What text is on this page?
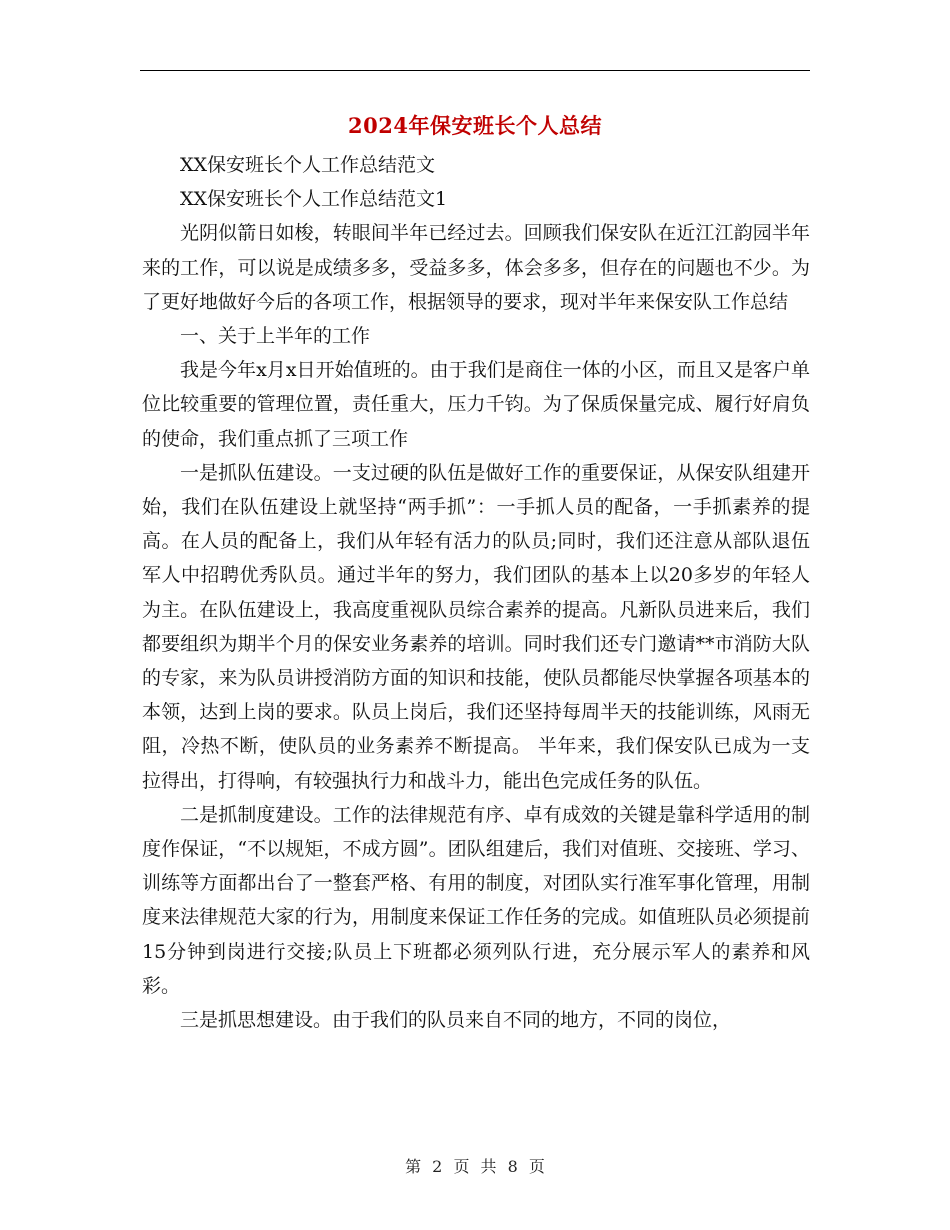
2024年保安班长个人总结

XX保安班长个人工作总结范文

XX保安班长个人工作总结范文1

光阴似箭日如梭，转眼间半年已经过去。回顾我们保安队在近江江韵园半年来的工作，可以说是成绩多多，受益多多，体会多多，但存在的问题也不少。为了更好地做好今后的各项工作，根据领导的要求，现对半年来保安队工作总结

一、关于上半年的工作

我是今年x月x日开始值班的。由于我们是商住一体的小区，而且又是客户单位比较重要的管理位置，责任重大，压力千钧。为了保质保量完成、履行好肩负的使命，我们重点抓了三项工作

一是抓队伍建设。一支过硬的队伍是做好工作的重要保证，从保安队组建开始，我们在队伍建设上就坚持“两手抓”：一手抓人员的配备，一手抓素养的提高。在人员的配备上，我们从年轻有活力的队员;同时，我们还注意从部队退伍军人中招聘优秀队员。通过半年的努力，我们团队的基本上以20多岁的年轻人为主。在队伍建设上，我高度重视队员综合素养的提高。凡新队员进来后，我们都要组织为期半个月的保安业务素养的培训。同时我们还专门邀请**市消防大队的专家，来为队员讲授消防方面的知识和技能，使队员都能尽快掌握各项基本的本领，达到上岗的要求。队员上岗后，我们还坚持每周半天的技能训练，风雨无阻，冷热不断，使队员的业务素养不断提高。 半年来，我们保安队已成为一支拉得出，打得响，有较强执行力和战斗力，能出色完成任务的队伍。

二是抓制度建设。工作的法律规范有序、卓有成效的关键是靠科学适用的制度作保证，“不以规矩，不成方圆”。团队组建后，我们对值班、交接班、学习、训练等方面都出台了一整套严格、有用的制度，对团队实行准军事化管理，用制度来法律规范大家的行为，用制度来保证工作任务的完成。如值班队员必须提前15分钟到岗进行交接;队员上下班都必须列队行进，充分展示军人的素养和风彩。

三是抓思想建设。由于我们的队员来自不同的地方，不同的岗位，

第 2 页 共 8 页
